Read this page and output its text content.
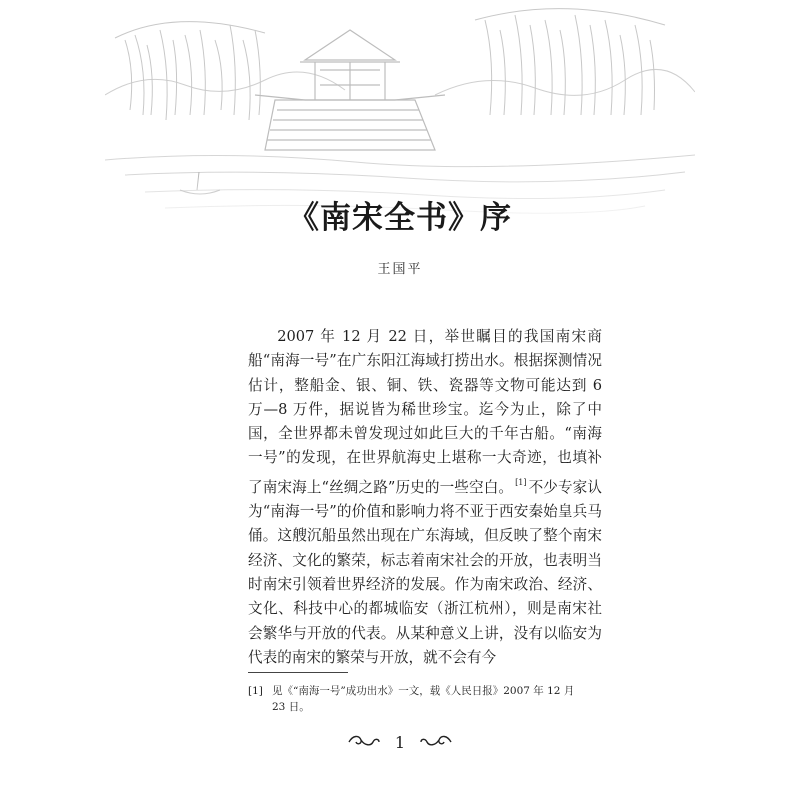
《南宋全书》序
王国平

2007 年 12 月 22 日，举世瞩目的我国南宋商船“南海一号”在广东阳江海域打捞出水。根据探测情况估计，整船金、银、铜、铁、瓷器等文物可能达到 6 万—8 万件，据说皆为稀世珍宝。迄今为止，除了中国，全世界都未曾发现过如此巨大的千年古船。“南海一号”的发现，在世界航海史上堪称一大奇迹，也填补了南宋海上“丝绸之路”历史的一些空白。 [1] 不少专家认为“南海一号”的价值和影响力将不亚于西安秦始皇兵马俑。这艘沉船虽然出现在广东海域，但反映了整个南宋经济、文化的繁荣，标志着南宋社会的开放，也表明当时南宋引领着世界经济的发展。作为南宋政治、经济、文化、科技中心的都城临安（浙江杭州），则是南宋社会繁华与开放的代表。从某种意义上讲，没有以临安为代表的南宋的繁荣与开放，就不会有今

[1] 见《“南海一号”成功出水》一文，载《人民日报》2007 年 12 月
23 日。
1
